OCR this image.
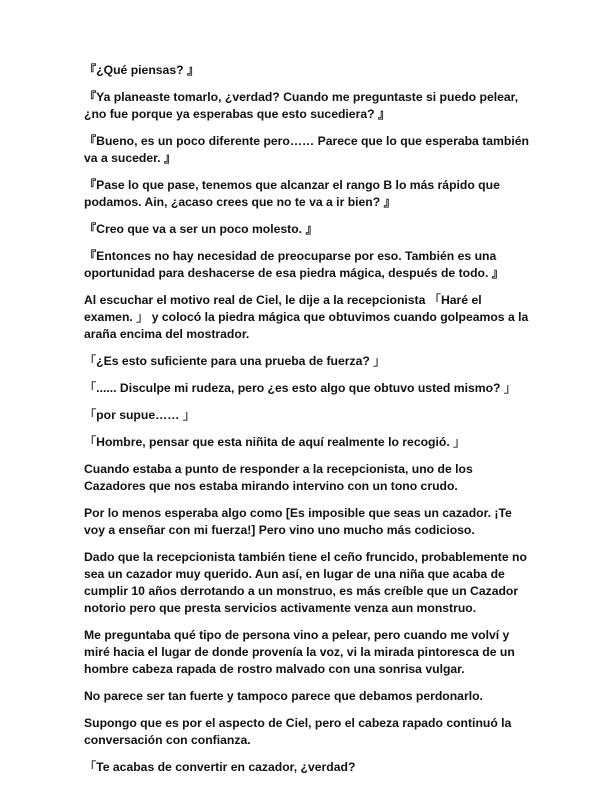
『¿Qué piensas? 』

『Ya planeaste tomarlo, ¿verdad? Cuando me preguntaste si puedo pelear,
¿no fue porque ya esperabas que esto sucediera? 』

『Bueno, es un poco diferente pero…… Parece que lo que esperaba también
va a suceder. 』

『Pase lo que pase, tenemos que alcanzar el rango B lo más rápido que
podamos. Ain, ¿acaso crees que no te va a ir bien? 』

『Creo que va a ser un poco molesto. 』

『Entonces no hay necesidad de preocuparse por eso. También es una
oportunidad para deshacerse de esa piedra mágica, después de todo. 』

Al escuchar el motivo real de Ciel, le dije a la recepcionista 「Haré el
examen. 」 y colocó la piedra mágica que obtuvimos cuando golpeamos a la
araña encima del mostrador.

「¿Es esto suficiente para una prueba de fuerza? 」

「...... Disculpe mi rudeza, pero ¿es esto algo que obtuvo usted mismo? 」

「por supue…… 」

「Hombre, pensar que esta niñita de aquí realmente lo recogió. 」

Cuando estaba a punto de responder a la recepcionista, uno de los
Cazadores que nos estaba mirando intervino con un tono crudo.

Por lo menos esperaba algo como [Es imposible que seas un cazador. ¡Te
voy a enseñar con mi fuerza!] Pero vino uno mucho más codicioso.

Dado que la recepcionista también tiene el ceño fruncido, probablemente no
sea un cazador muy querido. Aun así, en lugar de una niña que acaba de
cumplir 10 años derrotando a un monstruo, es más creíble que un Cazador
notorio pero que presta servicios activamente venza aun monstruo.

Me preguntaba qué tipo de persona vino a pelear, pero cuando me volví y
miré hacia el lugar de donde provenía la voz, vi la mirada pintoresca de un
hombre cabeza rapada de rostro malvado con una sonrisa vulgar.

No parece ser tan fuerte y tampoco parece que debamos perdonarlo.

Supongo que es por el aspecto de Ciel, pero el cabeza rapado continuó la
conversación con confianza.

「Te acabas de convertir en cazador, ¿verdad?
